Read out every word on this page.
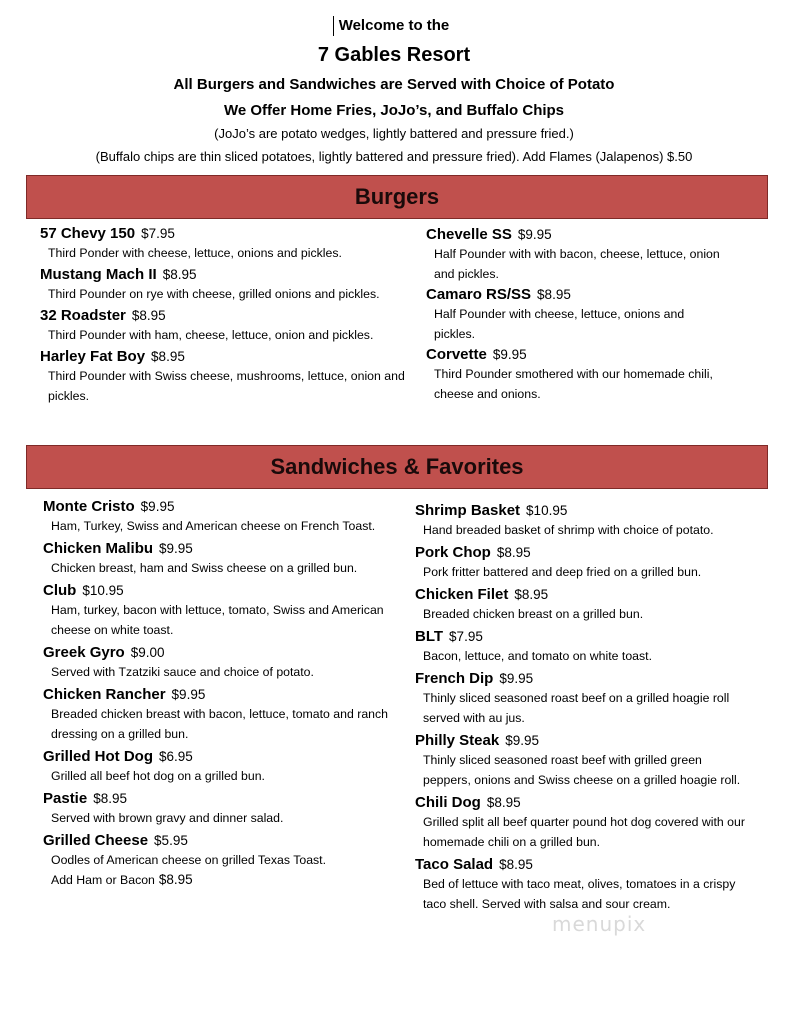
Welcome to the
7 Gables Resort
All Burgers and Sandwiches are Served with Choice of Potato
We Offer Home Fries, JoJo’s, and Buffalo Chips
(JoJo’s are potato wedges, lightly battered and pressure fried.)
(Buffalo chips are thin sliced potatoes, lightly battered and pressure fried). Add Flames (Jalapenos) $.50
Burgers
57 Chevy 150 $7.95
Third Ponder with cheese, lettuce, onions and pickles.
Mustang Mach II $8.95
Third Pounder on rye with cheese, grilled onions and pickles.
32 Roadster $8.95
Third Pounder with ham, cheese, lettuce, onion and pickles.
Harley Fat Boy $8.95
Third Pounder with Swiss cheese, mushrooms, lettuce, onion and pickles.
Chevelle SS $9.95
Half Pounder with with bacon, cheese, lettuce, onion and pickles.
Camaro RS/SS $8.95
Half Pounder with cheese, lettuce, onions and pickles.
Corvette $9.95
Third Pounder smothered with our homemade chili, cheese and onions.
Sandwiches & Favorites
Monte Cristo $9.95
Ham, Turkey, Swiss and American cheese on French Toast.
Chicken Malibu $9.95
Chicken breast, ham and Swiss cheese on a grilled bun.
Club $10.95
Ham, turkey, bacon with lettuce, tomato, Swiss and American cheese on white toast.
Greek Gyro $9.00
Served with Tzatziki sauce and choice of potato.
Chicken Rancher $9.95
Breaded chicken breast with bacon, lettuce, tomato and ranch dressing on a grilled bun.
Grilled Hot Dog $6.95
Grilled all beef hot dog on a grilled bun.
Pastie $8.95
Served with brown gravy and dinner salad.
Grilled Cheese $5.95
Oodles of American cheese on grilled Texas Toast.
Add Ham or Bacon $8.95
Shrimp Basket $10.95
Hand breaded basket of shrimp with choice of potato.
Pork Chop $8.95
Pork fritter battered and deep fried on a grilled bun.
Chicken Filet $8.95
Breaded chicken breast on a grilled bun.
BLT $7.95
Bacon, lettuce, and tomato on white toast.
French Dip $9.95
Thinly sliced seasoned roast beef on a grilled hoagie roll served with au jus.
Philly Steak $9.95
Thinly sliced seasoned roast beef with grilled green peppers, onions and Swiss cheese on a grilled hoagie roll.
Chili Dog $8.95
Grilled split all beef quarter pound hot dog covered with our homemade chili on a grilled bun.
Taco Salad $8.95
Bed of lettuce with taco meat, olives, tomatoes in a crispy taco shell. Served with salsa and sour cream.
menupix
